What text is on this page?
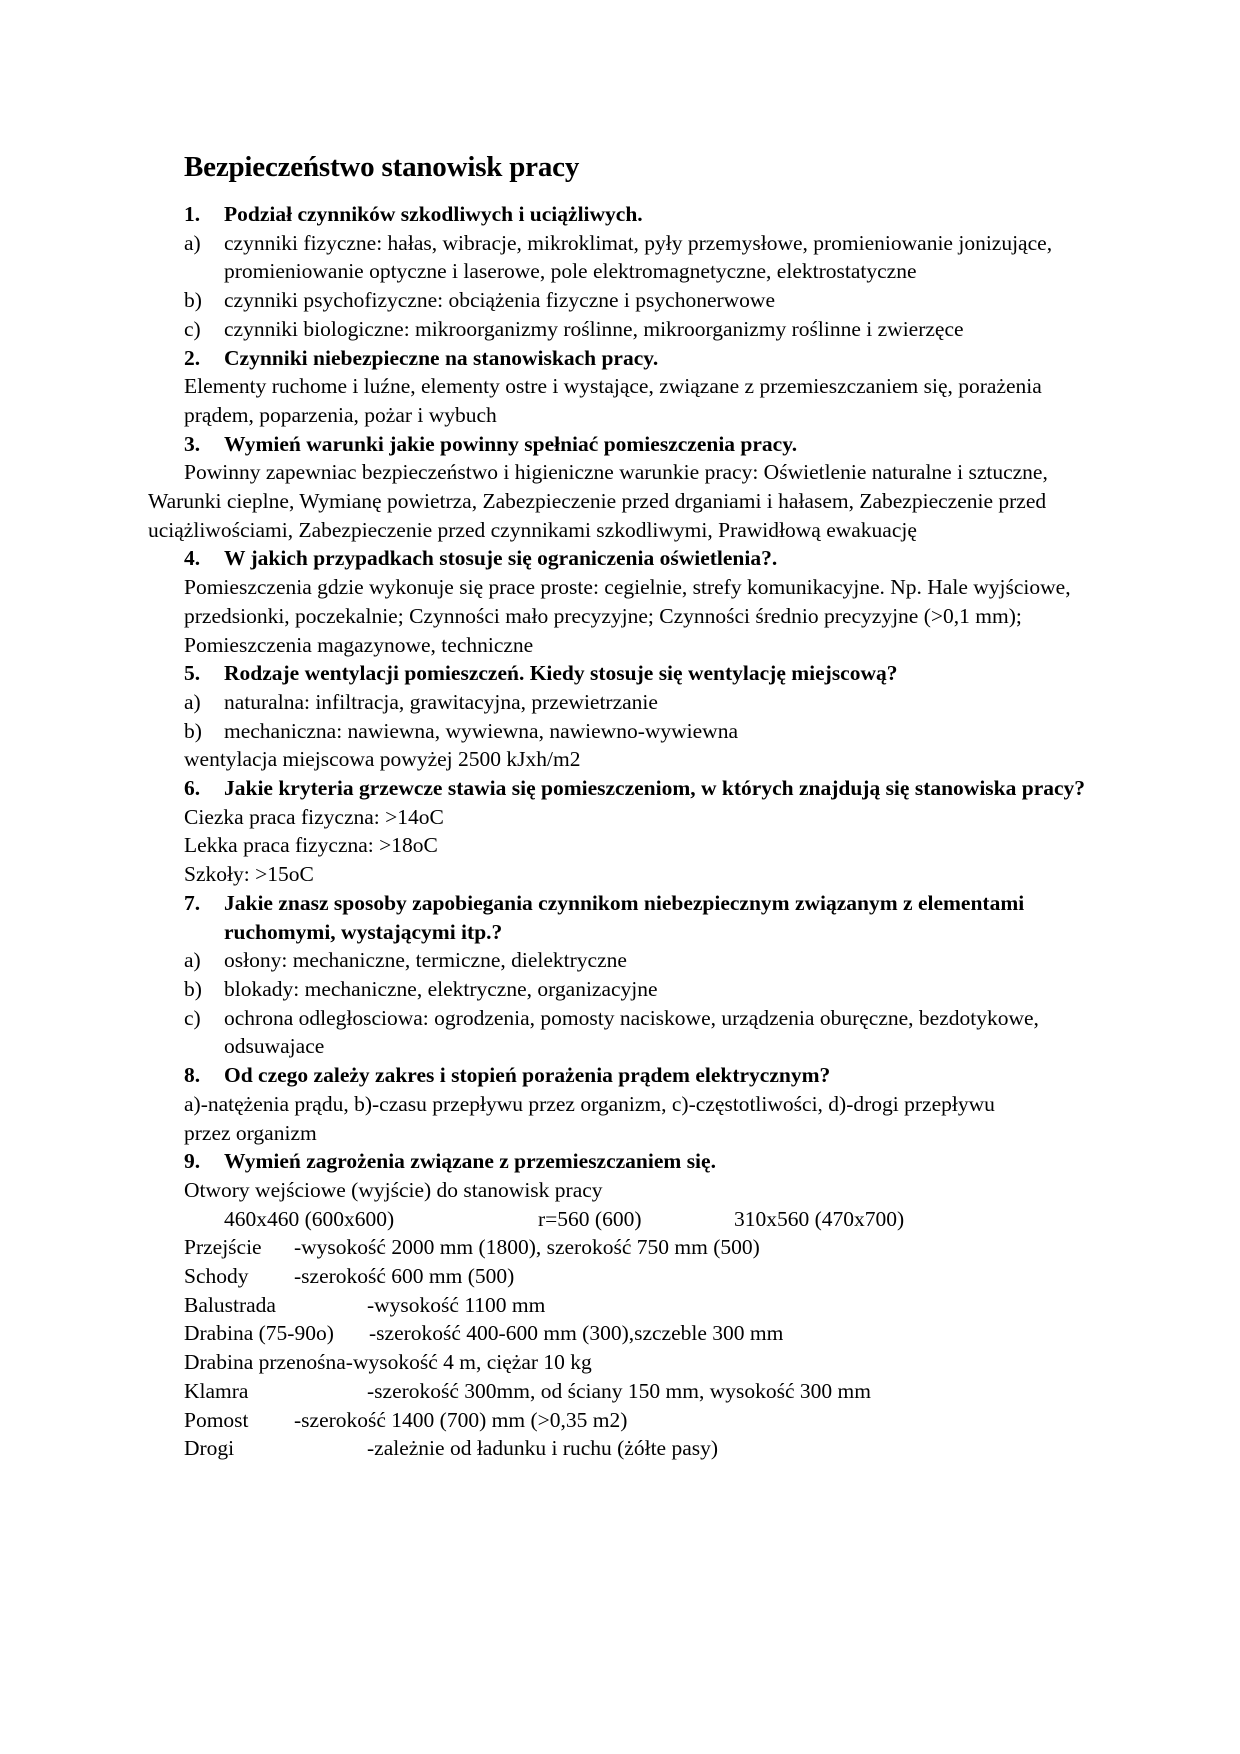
Bezpieczeństwo stanowisk pracy
1.	Podział czynników szkodliwych i uciążliwych.
a)	czynniki fizyczne: hałas, wibracje, mikroklimat, pyły przemysłowe, promieniowanie jonizujące, promieniowanie optyczne i laserowe, pole elektromagnetyczne, elektrostatyczne
b)	czynniki psychofizyczne: obciążenia fizyczne i psychonerwowe
c)	czynniki biologiczne: mikroorganizmy roślinne, mikroorganizmy roślinne i zwierzęce
2.	Czynniki niebezpieczne na stanowiskach pracy.
Elementy ruchome i luźne, elementy ostre i wystające, związane z przemieszczaniem się, porażenia prądem, poparzenia, pożar i wybuch
3.	Wymień warunki jakie powinny spełniać pomieszczenia pracy.
Powinny zapewniac bezpieczeństwo i higieniczne warunkie pracy: Oświetlenie naturalne i sztuczne, Warunki cieplne, Wymianę powietrza, Zabezpieczenie przed drganiami i hałasem, Zabezpieczenie przed uciążliwościami, Zabezpieczenie przed czynnikami szkodliwymi, Prawidłową ewakuację
4.	W jakich przypadkach stosuje się ograniczenia oświetlenia?.
Pomieszczenia gdzie wykonuje się prace proste: cegielnie, strefy komunikacyjne. Np. Hale wyjściowe, przedsionki, poczekalnie; Czynności mało precyzyjne; Czynności średnio precyzyjne (>0,1 mm); Pomieszczenia magazynowe, techniczne
5.	Rodzaje wentylacji pomieszczeń. Kiedy stosuje się wentylację miejscową?
a)	naturalna: infiltracja, grawitacyjna, przewietrzanie
b)	mechaniczna: nawiewna, wywiewna, nawiewno-wywiewna
wentylacja miejscowa powyżej 2500 kJxh/m2
6.	Jakie kryteria grzewcze stawia się pomieszczeniom, w których znajdują się stanowiska pracy?
Ciezka praca fizyczna: >14oC
Lekka praca fizyczna: >18oC
Szkoły: >15oC
7.	Jakie znasz sposoby zapobiegania czynnikom niebezpiecznym związanym z elementami ruchomymi, wystającymi itp.?
a)	osłony: mechaniczne, termiczne, dielektryczne
b)	blokady: mechaniczne, elektryczne, organizacyjne
c)	ochrona odległosciowa: ogrodzenia, pomosty naciskowe, urządzenia oburęczne, bezdotykowe, odsuwajace
8.	Od czego zależy zakres i stopień porażenia prądem elektrycznym?
a)-natężenia prądu, b)-czasu przepływu przez organizm, c)-częstotliwości, d)-drogi przepływu przez organizm
9.	Wymień zagrożenia związane z przemieszczaniem się.
Otwory wejściowe (wyjście) do stanowisk pracy
460x460 (600x600)	r=560 (600)	310x560 (470x700)
Przejście	-wysokość 2000 mm (1800), szerokość 750 mm (500)
Schody	-szerokość 600 mm (500)
Balustrada	-wysokość 1100 mm
Drabina (75-90o)	-szerokość 400-600 mm (300),szczeble 300 mm
Drabina przenośna -wysokość 4 m, ciężar 10 kg
Klamra	-szerokość 300mm, od ściany 150 mm, wysokość 300 mm
Pomost	-szerokość 1400 (700) mm (>0,35 m2)
Drogi	-zależnie od ładunku i ruchu (żółte pasy)
